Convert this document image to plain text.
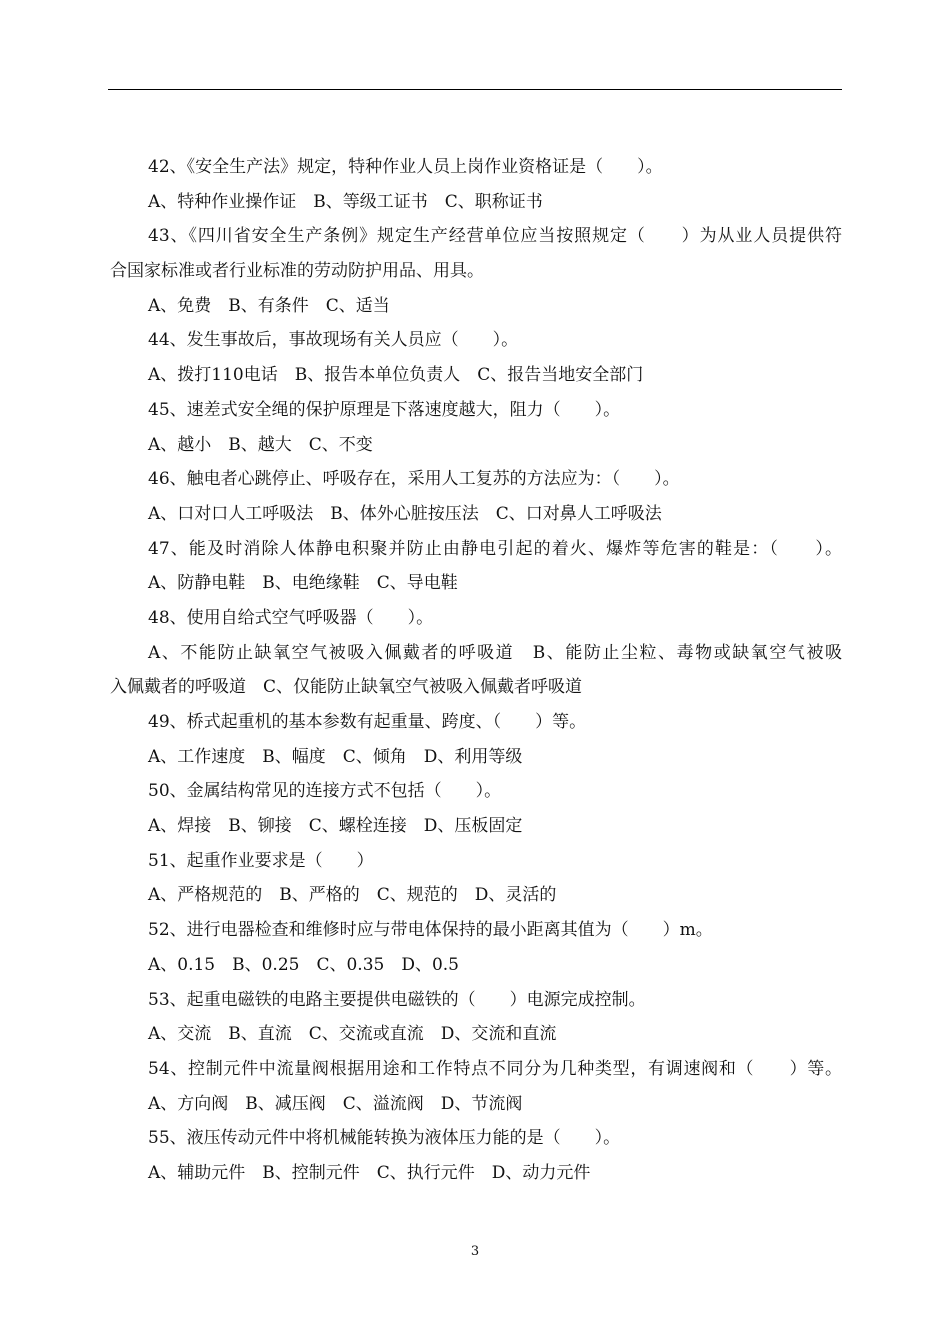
42、《安全生产法》规定，特种作业人员上岗作业资格证是（　　）。
A、特种作业操作证　B、等级工证书　C、职称证书
43、《四川省安全生产条例》规定生产经营单位应当按照规定（　　）为从业人员提供符
合国家标准或者行业标准的劳动防护用品、用具。
A、免费　B、有条件　C、适当
44、发生事故后，事故现场有关人员应（　　）。
A、拨打110电话　B、报告本单位负责人　C、报告当地安全部门
45、速差式安全绳的保护原理是下落速度越大，阻力（　　）。
A、越小　B、越大　C、不变
46、触电者心跳停止、呼吸存在，采用人工复苏的方法应为：（　　）。
A、口对口人工呼吸法　B、体外心脏按压法　C、口对鼻人工呼吸法
47、能及时消除人体静电积聚并防止由静电引起的着火、爆炸等危害的鞋是：（　　）。
A、防静电鞋　B、电绝缘鞋　C、导电鞋
48、使用自给式空气呼吸器（　　）。
A、不能防止缺氧空气被吸入佩戴者的呼吸道　B、能防止尘粒、毒物或缺氧空气被吸
入佩戴者的呼吸道　C、仅能防止缺氧空气被吸入佩戴者呼吸道
49、桥式起重机的基本参数有起重量、跨度、（　　）等。
A、工作速度　B、幅度　C、倾角　D、利用等级
50、金属结构常见的连接方式不包括（　　）。
A、焊接　B、铆接　C、螺栓连接　D、压板固定
51、起重作业要求是（　　）
A、严格规范的　B、严格的　C、规范的　D、灵活的
52、进行电器检查和维修时应与带电体保持的最小距离其值为（　　）m。
A、0.15　B、0.25　C、0.35　D、0.5
53、起重电磁铁的电路主要提供电磁铁的（　　）电源完成控制。
A、交流　B、直流　C、交流或直流　D、交流和直流
54、控制元件中流量阀根据用途和工作特点不同分为几种类型，有调速阀和（　　）等。
A、方向阀　B、减压阀　C、溢流阀　D、节流阀
55、液压传动元件中将机械能转换为液体压力能的是（　　）。
A、辅助元件　B、控制元件　C、执行元件　D、动力元件
3
